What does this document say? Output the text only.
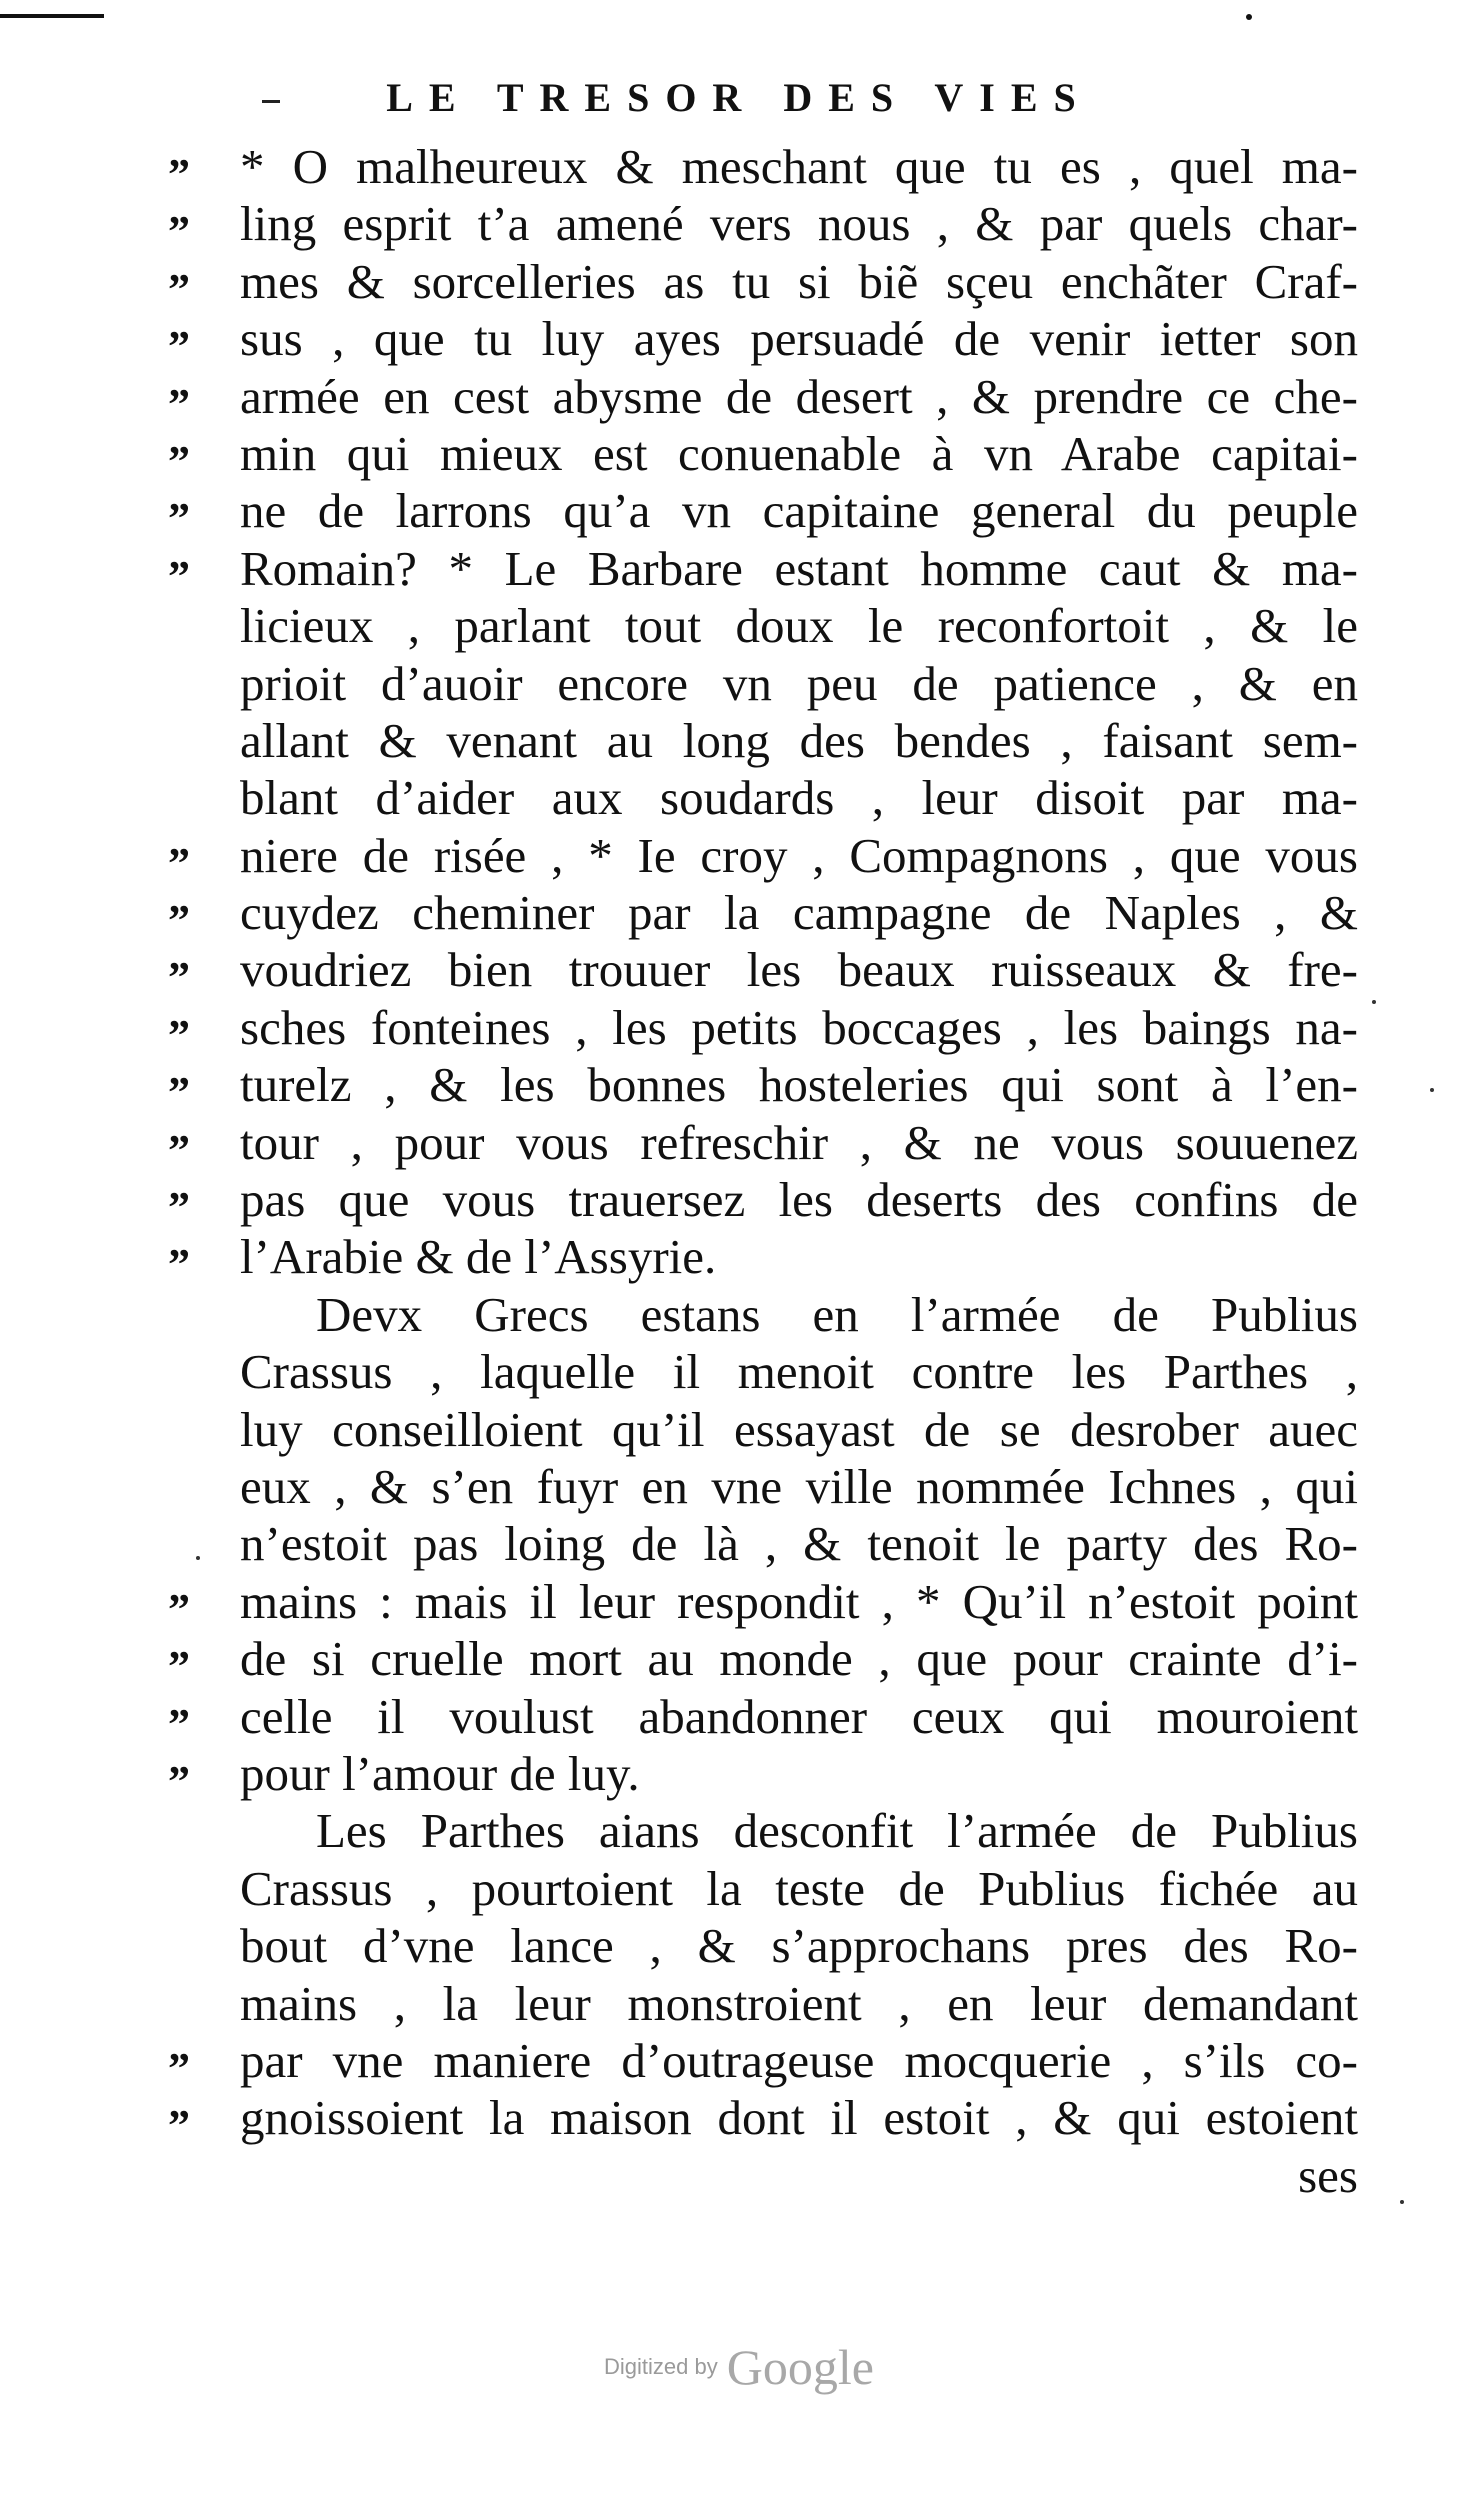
LE TRESOR DES VIES
”	* O malheureux & meschant que tu es , quel ma-
”	ling esprit t’a amené vers nous , & par quels char-
”	mes & sorcelleries as tu si biẽ sçeu enchãter Craf-
”	sus , que tu luy ayes persuadé de venir ietter son
”	armée en cest abysme de desert , & prendre ce che-
”	min qui mieux est conuenable à vn Arabe capitai-
”	ne de larrons qu’a vn capitaine general du peuple
”	Romain? * Le Barbare estant homme caut & ma-
licieux , parlant tout doux le reconfortoit , & le
prioit d’auoir encore vn peu de patience , & en
allant & venant au long des bendes , faisant sem-
blant d’aider aux soudards , leur disoit par ma-
”	niere de risée , * Ie croy , Compagnons , que vous
”	cuydez cheminer par la campagne de Naples , &
”	voudriez bien trouuer les beaux ruisseaux & fre-
”	sches fonteines , les petits boccages , les baings na-
”	turelz , & les bonnes hosteleries qui sont à l’en-
”	tour , pour vous refreschir , & ne vous souuenez
”	pas que vous trauersez les deserts des confins de
”	l’Arabie & de l’Assyrie.
Devx Grecs estans en l’armée de Publius
Crassus , laquelle il menoit contre les Parthes ,
luy conseilloient qu’il essayast de se desrober auec
eux , & s’en fuyr en vne ville nommée Ichnes , qui
n’estoit pas loing de là , & tenoit le party des Ro-
”	mains : mais il leur respondit , * Qu’il n’estoit point
”	de si cruelle mort au monde , que pour crainte d’i-
”	celle il voulust abandonner ceux qui mouroient
”	pour l’amour de luy.
Les Parthes aians desconfit l’armée de Publius
Crassus , pourtoient la teste de Publius fichée au
bout d’vne lance , & s’approchans pres des Ro-
mains , la leur monstroient , en leur demandant
”	par vne maniere d’outrageuse mocquerie , s’ils co-
”	gnoissoient la maison dont il estoit , & qui estoient
ses
Digitized by Google
